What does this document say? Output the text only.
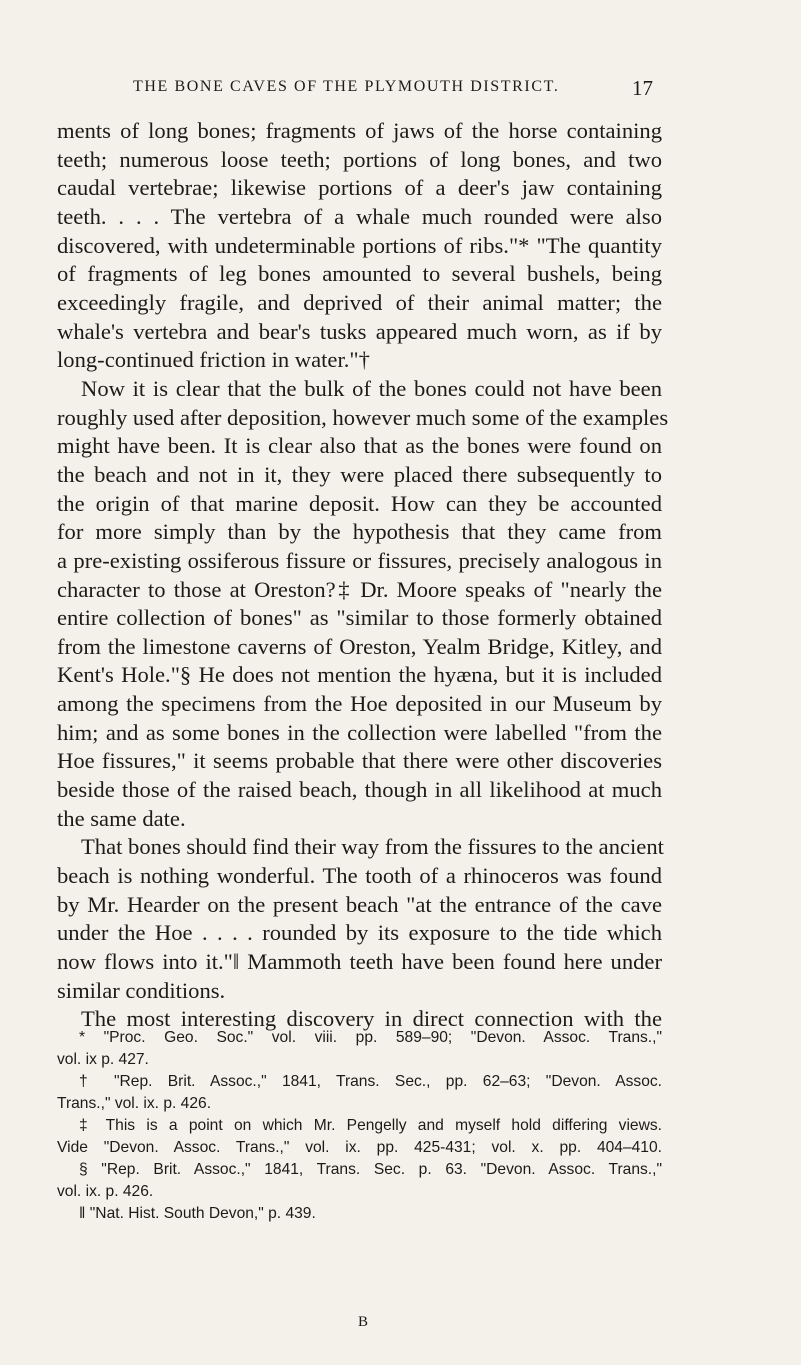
THE BONE CAVES OF THE PLYMOUTH DISTRICT.	17
ments of long bones; fragments of jaws of the horse containing
teeth; numerous loose teeth; portions of long bones, and two
caudal vertebrae; likewise portions of a deer's jaw containing
teeth. . . . The vertebra of a whale much rounded were also
discovered, with undeterminable portions of ribs."* "The quantity
of fragments of leg bones amounted to several bushels, being
exceedingly fragile, and deprived of their animal matter; the
whale's vertebra and bear's tusks appeared much worn, as if by
long-continued friction in water."†
Now it is clear that the bulk of the bones could not have been
roughly used after deposition, however much some of the examples
might have been. It is clear also that as the bones were found on
the beach and not in it, they were placed there subsequently to
the origin of that marine deposit. How can they be accounted
for more simply than by the hypothesis that they came from
a pre-existing ossiferous fissure or fissures, precisely analogous in
character to those at Oreston?‡ Dr. Moore speaks of "nearly the
entire collection of bones" as "similar to those formerly obtained
from the limestone caverns of Oreston, Yealm Bridge, Kitley, and
Kent's Hole."§ He does not mention the hyæna, but it is included
among the specimens from the Hoe deposited in our Museum by
him; and as some bones in the collection were labelled "from the
Hoe fissures," it seems probable that there were other discoveries
beside those of the raised beach, though in all likelihood at much
the same date.
That bones should find their way from the fissures to the ancient
beach is nothing wonderful. The tooth of a rhinoceros was found
by Mr. Hearder on the present beach "at the entrance of the cave
under the Hoe . . . . rounded by its exposure to the tide which
now flows into it."‖ Mammoth teeth have been found here under
similar conditions.
The most interesting discovery in direct connection with the
* "Proc. Geo. Soc." vol. viii. pp. 589–90; "Devon. Assoc. Trans.,"
vol. ix p. 427.
† "Rep. Brit. Assoc.," 1841, Trans. Sec., pp. 62–63; "Devon. Assoc.
Trans.," vol. ix. p. 426.
‡ This is a point on which Mr. Pengelly and myself hold differing views.
Vide "Devon. Assoc. Trans.," vol. ix. pp. 425-431; vol. x. pp. 404–410.
§ "Rep. Brit. Assoc.," 1841, Trans. Sec. p. 63. "Devon. Assoc. Trans.,"
vol. ix. p. 426.
‖ "Nat. Hist. South Devon," p. 439.
B
